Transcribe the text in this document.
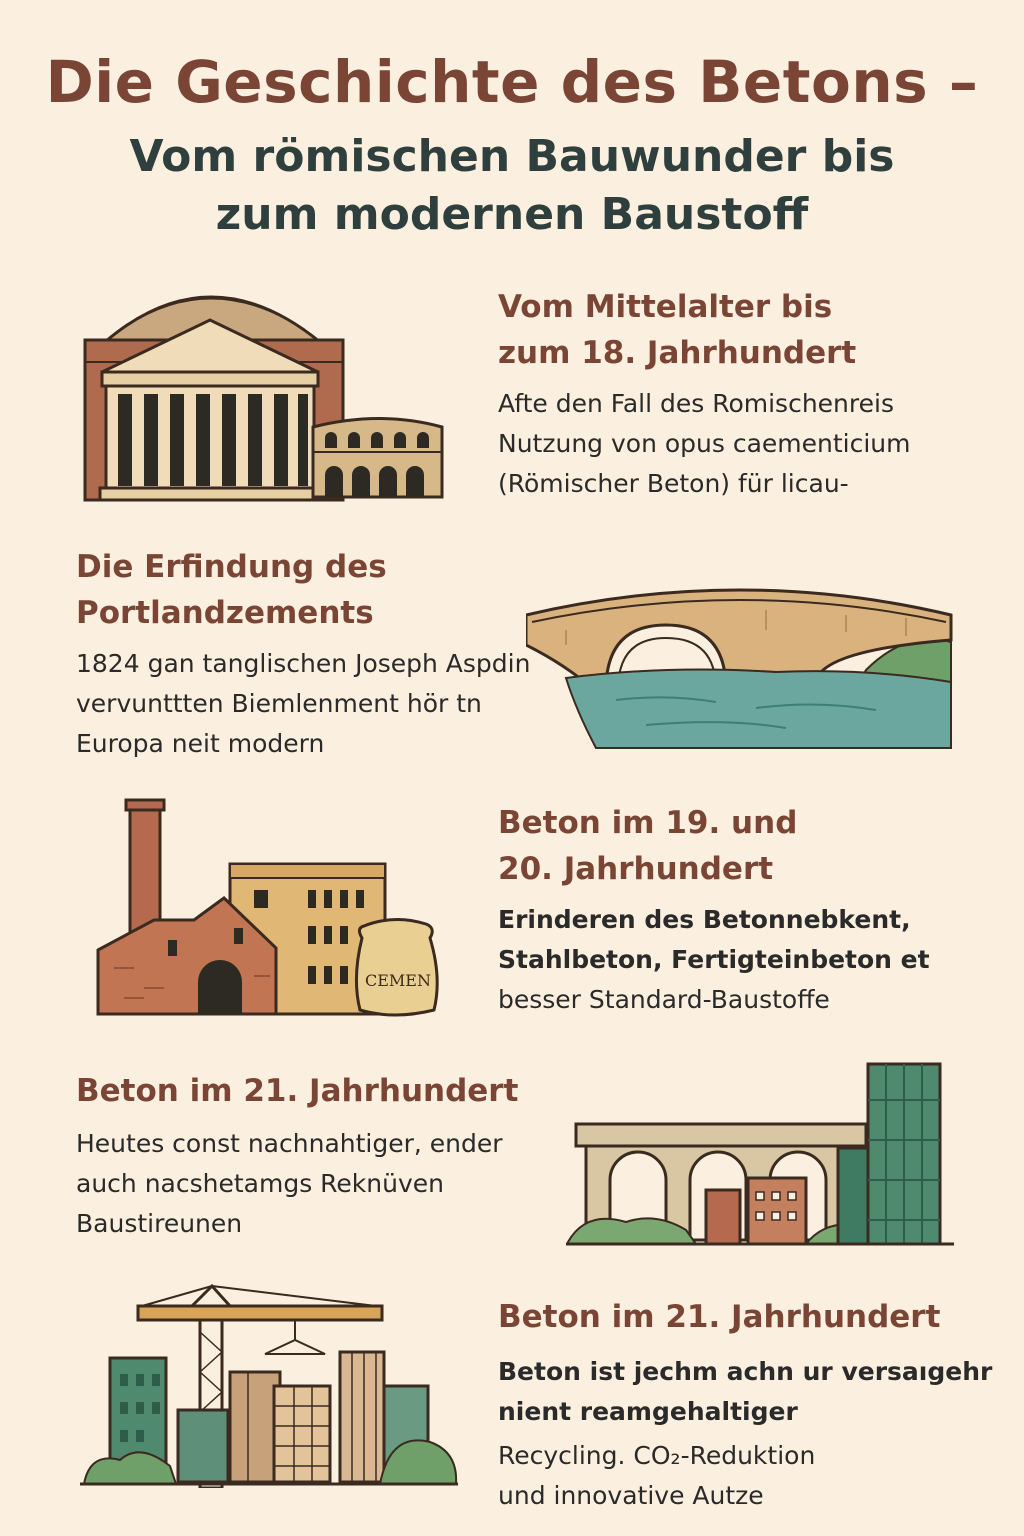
Die Geschichte des Betons –
Vom römischen Bauwunder bis
zum modernen Baustoff
Vom Mittelalter bis
zum 18. Jahrhundert

Afte den Fall des Romischenreis
Nutzung von opus caementicium
(Römischer Beton) für licau-

Die Erfindung des
Portlandzements

1824 gan tanglischen Joseph Aspdin
vervunttten Biemlenment hör tn
Europa neit modern

CEMEN
Beton im 19. und
20. Jahrhundert

Erinderen des Betonnebkent,
Stahlbeton, Fertigteinbeton et
besser Standard-Baustoffe

Beton im 21. Jahrhundert

Heutes const nachnahtiger, ender
auch nacshetamgs Reknüven
Baustireunen

Beton im 21. Jahrhundert

Beton ist jechm achn ur versaıgehr
nient reamgehaltiger
Recycling. CO₂-Reduktion
und innovative Autze
